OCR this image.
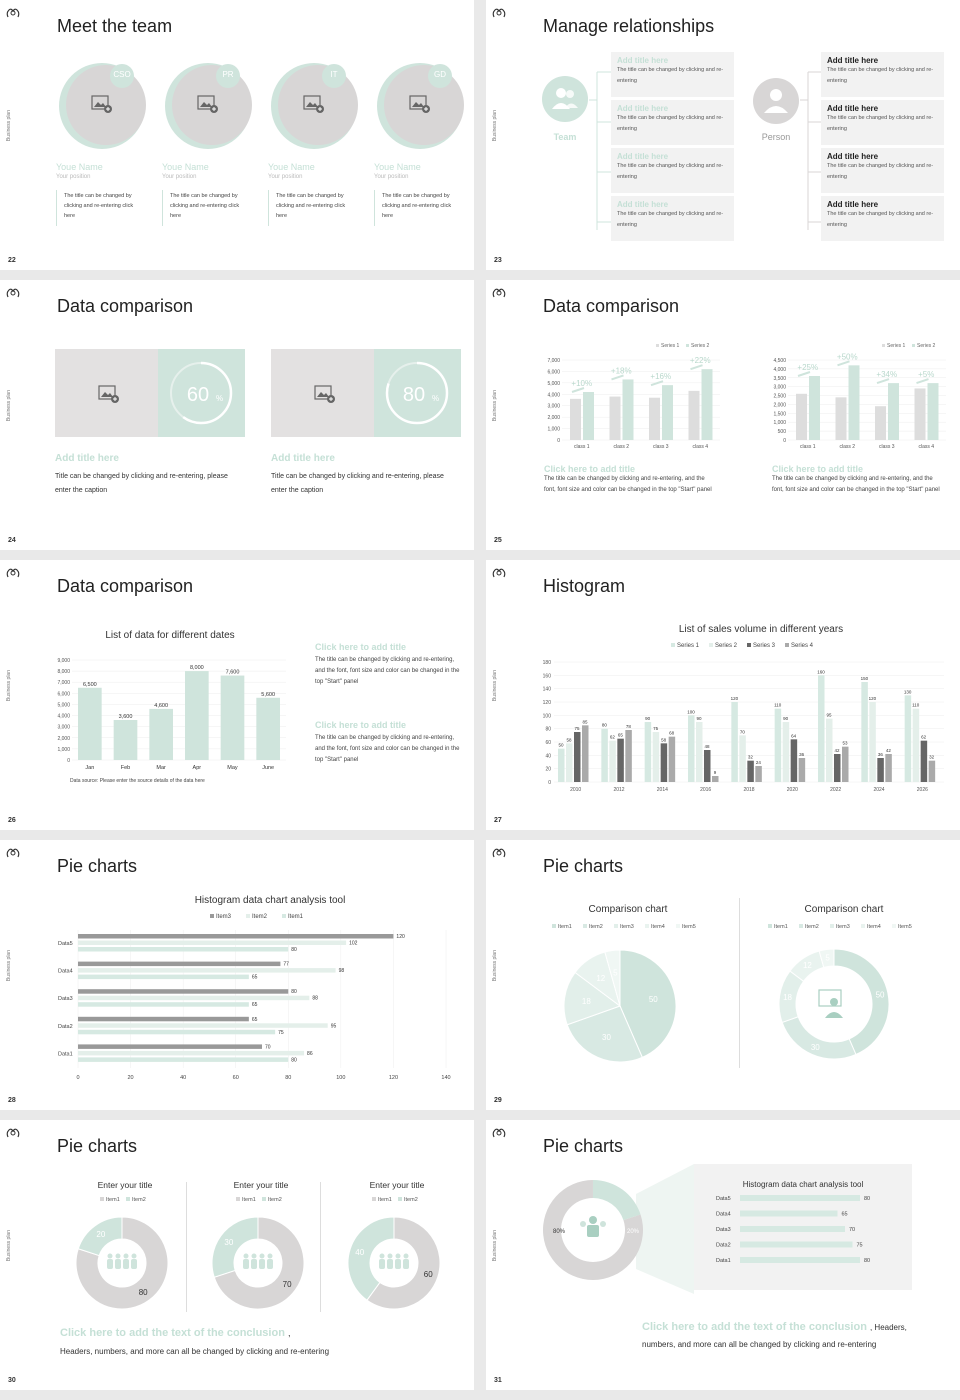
Meet the team
Business plan
22
CSO
Youe Name
Your position
The title can be changed by clicking and re-entering click here
PR
Youe Name
Your position
The title can be changed by clicking and re-entering click here
IT
Youe Name
Your position
The title can be changed by clicking and re-entering click here
GD
Youe Name
Your position
The title can be changed by clicking and re-entering click here
Manage relationships
Business plan
23
Team
Add title here
The title can be changed by clicking and re-entering
Add title here
The title can be changed by clicking and re-entering
Add title here
The title can be changed by clicking and re-entering
Add title here
The title can be changed by clicking and re-entering
Person
Add title here
The title can be changed by clicking and re-entering
Add title here
The title can be changed by clicking and re-entering
Add title here
The title can be changed by clicking and re-entering
Add title here
The title can be changed by clicking and re-entering
Data comparison
Business plan
24
60 %
Add title here
Title can be changed by clicking and re-entering, please enter the caption
80 %
Add title here
Title can be changed by clicking and re-entering, please enter the caption
Data comparison
Business plan
25
Series 1 Series 2
0
1,000
2,000
3,000
4,000
5,000
6,000
7,000
class 1
+10%
class 2
+18%
class 3
+16%
class 4
+22%
Series 1 Series 2
0
500
1,000
1,500
2,000
2,500
3,000
3,500
4,000
4,500
class 1
+25%
class 2
+50%
class 3
+34%
class 4
+5%
Click here to add title
The title can be changed by clicking and re-entering, and the font, font size and color can be changed in the top "Start" panel
Click here to add title
The title can be changed by clicking and re-entering, and the font, font size and color can be changed in the top "Start" panel
Data comparison
Business plan
26
List of data for different dates
0
1,000
2,000
3,000
4,000
5,000
6,000
7,000
8,000
9,000
6,500
Jan
3,600
Feb
4,600
Mar
8,000
Apr
7,600
May
5,600
June
Data source: Please enter the source details of the data here
Click here to add title
The title can be changed by clicking and re-entering, and the font, font size and color can be changed in the top "Start" panel
Click here to add title
The title can be changed by clicking and re-entering, and the font, font size and color can be changed in the top "Start" panel
Histogram
Business plan
27
List of sales volume in different years
Series 1	Series 2	Series 3	Series 4
0
20
40
60
80
100
120
140
160
180
50
58
75
85
2010
80
62 65
78
2012
90
75
58
68
2014
100
90
48
9
2016
120
70
32
24
2018
110
90
64
36
2020
160
95
42
53
2022
150
120
36
42
2024
130
110
62
32
2026
Pie charts
Business plan
28
Histogram data chart analysis tool
Item3	Item2	Item1
0	20	40	60	80	100	120	140
120
102
80
Data5
77
98
65
Data4
80
88
65
Data3
65
95
75
Data2
70
86
80
Data1
Pie charts
Business plan
29
Comparison chart	Comparison chart
Item1	Item2	Item3	Item4	Item5
50
30
18
12
5
Item1	Item2	Item3	Item4	Item5
50
30
18
12
5
Pie charts
Business plan
30
Enter your title
Item1 Item2
80
20
Enter your title
Item1 Item2
70
30
Enter your title
Item1 Item2
60
40
Click here to add the text of the conclusion ,
Headers, numbers, and more can all be changed by clicking and re-entering
Pie charts
Business plan
31
80%	20%
Histogram data chart analysis tool
Data5	80
Data4	65
Data3	70
Data2	75
Data1	80
Click here to add the text of the conclusion , Headers,
numbers, and more can all be changed by clicking and re-entering
